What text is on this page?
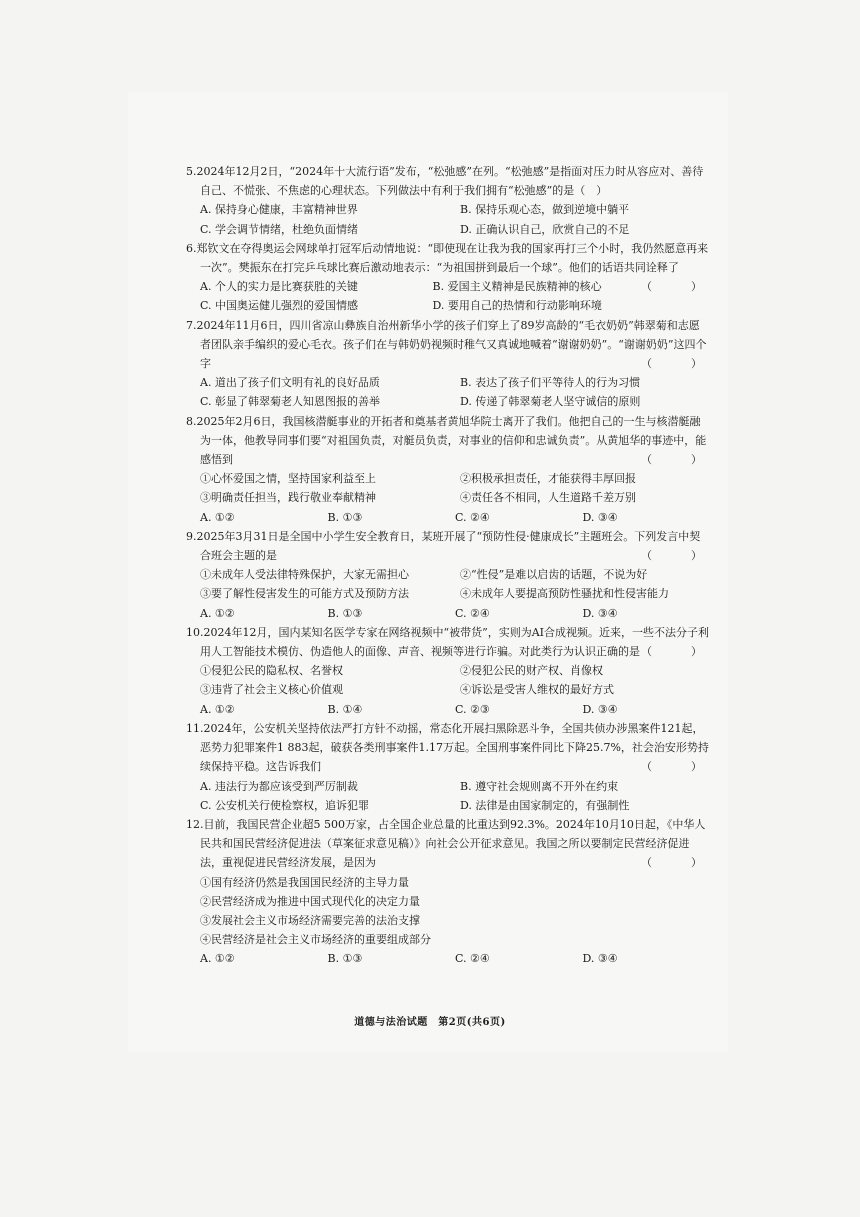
5.2024年12月2日，“2024年十大流行语”发布，“松弛感”在列。“松弛感”是指面对压力时从容应对、善待自己、不慌张、不焦虑的心理状态。下列做法中有利于我们拥有“松弛感”的是（　）
A. 保持身心健康，丰富精神世界	B. 保持乐观心态，做到逆境中躺平
C. 学会调节情绪，杜绝负面情绪	D. 正确认识自己，欣赏自己的不足
6.郑钦文在夺得奥运会网球单打冠军后动情地说：“即使现在让我为我的国家再打三个小时，我仍然愿意再来一次”。樊振东在打完乒乓球比赛后激动地表示：“为祖国拼到最后一个球”。他们的话语共同诠释了
（　）
A. 个人的实力是比赛获胜的关键	B. 爱国主义精神是民族精神的核心
C. 中国奥运健儿强烈的爱国情感	D. 要用自己的热情和行动影响环境
7.2024年11月6日，四川省凉山彝族自治州新华小学的孩子们穿上了89岁高龄的“毛衣奶奶”韩翠菊和志愿者团队亲手编织的爱心毛衣。孩子们在与韩奶奶视频时稚气又真诚地喊着“谢谢奶奶”。“谢谢奶奶”这四个字	（　）
A. 道出了孩子们文明有礼的良好品质	B. 表达了孩子们平等待人的行为习惯
C. 彰显了韩翠菊老人知恩图报的善举	D. 传递了韩翠菊老人坚守诚信的原则
8.2025年2月6日，我国核潜艇事业的开拓者和奠基者黄旭华院士离开了我们。他把自己的一生与核潜艇融为一体，他教导同事们要“对祖国负责，对艇员负责，对事业的信仰和忠诚负责”。从黄旭华的事迹中，能感悟到	（　）
①心怀爱国之情，坚持国家利益至上	②积极承担责任，才能获得丰厚回报
③明确责任担当，践行敬业奉献精神	④责任各不相同，人生道路千差万别
A. ①②	B. ①③	C. ②④	D. ③④
9.2025年3月31日是全国中小学生安全教育日，某班开展了“预防性侵·健康成长”主题班会。下列发言中契合班会主题的是	（　）
①未成年人受法律特殊保护，大家无需担心	②“性侵”是难以启齿的话题，不说为好
③要了解性侵害发生的可能方式及预防方法	④未成年人要提高预防性骚扰和性侵害能力
A. ①②	B. ①③	C. ②④	D. ③④
10.2024年12月，国内某知名医学专家在网络视频中“被带货”，实则为AI合成视频。近来，一些不法分子利用人工智能技术模仿、伪造他人的面像、声音、视频等进行诈骗。对此类行为认识正确的是 （　）
①侵犯公民的隐私权、名誉权	②侵犯公民的财产权、肖像权
③违背了社会主义核心价值观	④诉讼是受害人维权的最好方式
A. ①②	B. ①④	C. ②③	D. ③④
11.2024年，公安机关坚持依法严打方针不动摇，常态化开展扫黑除恶斗争，全国共侦办涉黑案件121起，恶势力犯罪案件1 883起，破获各类刑事案件1.17万起。全国刑事案件同比下降25.7%，社会治安形势持续保持平稳。这告诉我们	（　）
A. 违法行为都应该受到严厉制裁	B. 遵守社会规则离不开外在约束
C. 公安机关行使检察权，追诉犯罪	D. 法律是由国家制定的，有强制性
12.目前，我国民营企业超5 500万家，占全国企业总量的比重达到92.3%。2024年10月10日起，《中华人民共和国民营经济促进法（草案征求意见稿）》向社会公开征求意见。我国之所以要制定民营经济促进法，重视促进民营经济发展，是因为	（　）
①国有经济仍然是我国国民经济的主导力量
②民营经济成为推进中国式现代化的决定力量
③发展社会主义市场经济需要完善的法治支撑
④民营经济是社会主义市场经济的重要组成部分
A. ①②	B. ①③	C. ②④	D. ③④
道德与法治试题　第2页(共6页)
